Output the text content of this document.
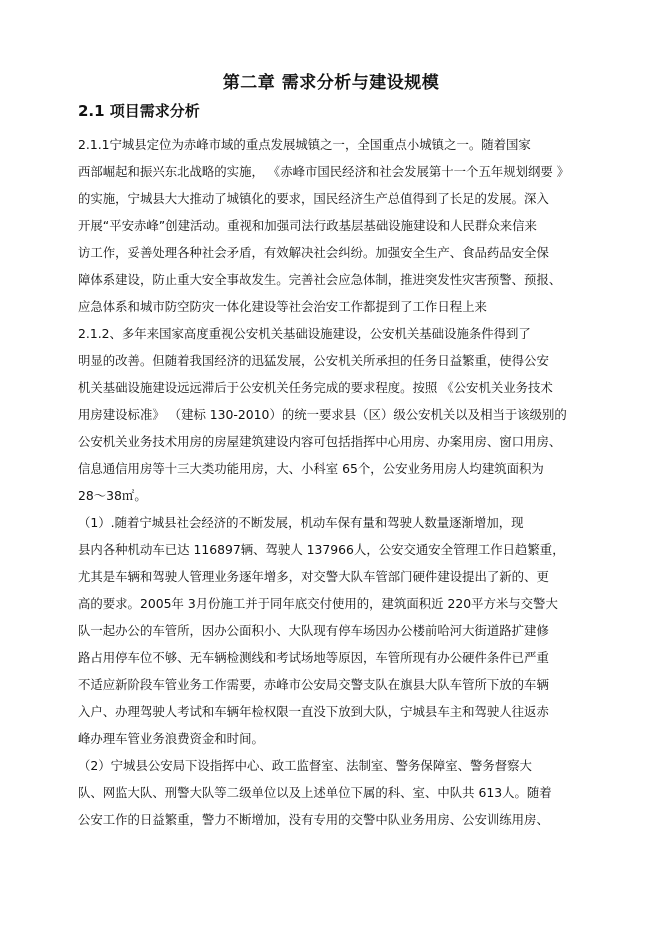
第二章 需求分析与建设规模
2.1 项目需求分析
2.1.1宁城县定位为赤峰市域的重点发展城镇之一，全国重点小城镇之一。随着国家
西部崛起和振兴东北战略的实施， 《赤峰市国民经济和社会发展第十一个五年规划纲要 》
的实施，宁城县大大推动了城镇化的要求，国民经济生产总值得到了长足的发展。深入
开展“平安赤峰”创建活动。重视和加强司法行政基层基础设施建设和人民群众来信来
访工作，妥善处理各种社会矛盾，有效解决社会纠纷。加强安全生产、食品药品安全保
障体系建设，防止重大安全事故发生。完善社会应急体制，推进突发性灾害预警、预报、
应急体系和城市防空防灾一体化建设等社会治安工作都提到了工作日程上来
2.1.2、多年来国家高度重视公安机关基础设施建设，公安机关基础设施条件得到了
明显的改善。但随着我国经济的迅猛发展，公安机关所承担的任务日益繁重，使得公安
机关基础设施建设远远滞后于公安机关任务完成的要求程度。按照 《公安机关业务技术
用房建设标准》 （建标 130-2010）的统一要求县（区）级公安机关以及相当于该级别的
公安机关业务技术用房的房屋建筑建设内容可包括指挥中心用房、办案用房、窗口用房、
信息通信用房等十三大类功能用房，大、小科室 65个，公安业务用房人均建筑面积为
28～38㎡。
（1）.随着宁城县社会经济的不断发展，机动车保有量和驾驶人数量逐渐增加，现
县内各种机动车已达 116897辆、驾驶人 137966人，公安交通安全管理工作日趋繁重，
尤其是车辆和驾驶人管理业务逐年增多，对交警大队车管部门硬件建设提出了新的、更
高的要求。2005年 3月份施工并于同年底交付使用的，建筑面积近 220平方米与交警大
队一起办公的车管所，因办公面积小、大队现有停车场因办公楼前哈河大街道路扩建修
路占用停车位不够、无车辆检测线和考试场地等原因，车管所现有办公硬件条件已严重
不适应新阶段车管业务工作需要，赤峰市公安局交警支队在旗县大队车管所下放的车辆
入户、办理驾驶人考试和车辆年检权限一直没下放到大队，宁城县车主和驾驶人往返赤
峰办理车管业务浪费资金和时间。
（2）宁城县公安局下设指挥中心、政工监督室、法制室、警务保障室、警务督察大
队、网监大队、刑警大队等二级单位以及上述单位下属的科、室、中队共 613人。随着
公安工作的日益繁重，警力不断增加，没有专用的交警中队业务用房、公安训练用房、
